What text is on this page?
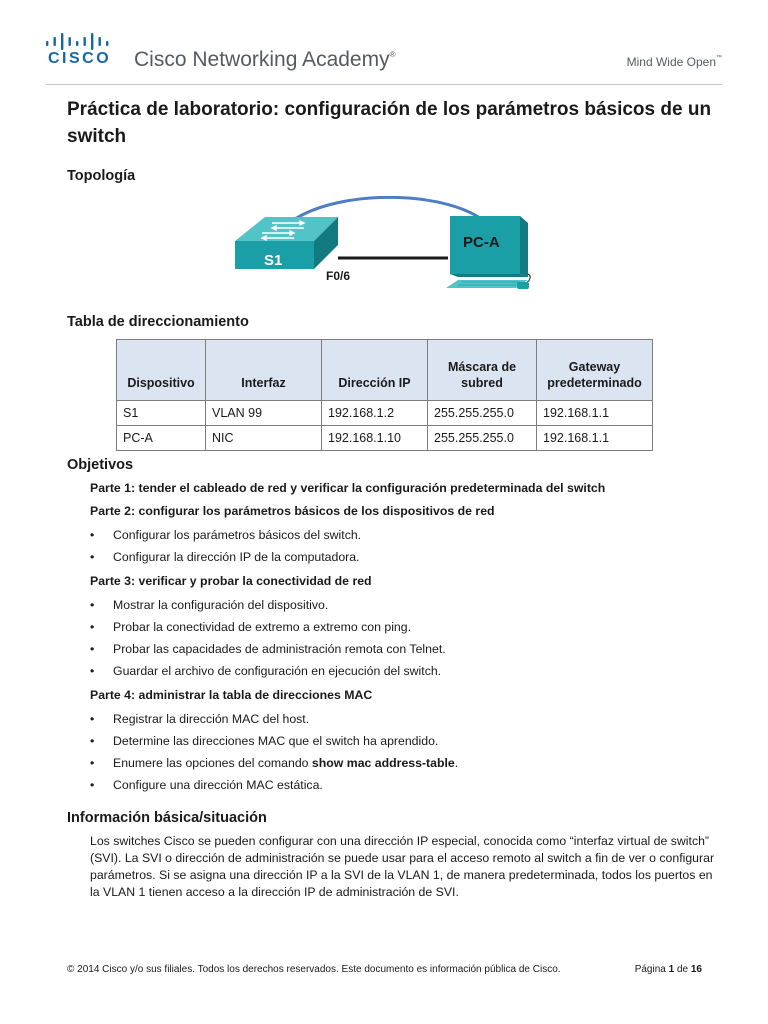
CISCO Cisco Networking Academy®
Mind Wide Open™
Práctica de laboratorio: configuración de los parámetros básicos de un switch
Topología
S1
F0/6
PC-A
Tabla de direccionamiento
Dispositivo	Interfaz	Dirección IP	Máscara de subred	Gateway predeterminado
S1	VLAN 99	192.168.1.2	255.255.255.0	192.168.1.1
PC-A	NIC	192.168.1.10	255.255.255.0	192.168.1.1
Objetivos
Parte 1: tender el cableado de red y verificar la configuración predeterminada del switch
Parte 2: configurar los parámetros básicos de los dispositivos de red
• Configurar los parámetros básicos del switch.
• Configurar la dirección IP de la computadora.
Parte 3: verificar y probar la conectividad de red
• Mostrar la configuración del dispositivo.
• Probar la conectividad de extremo a extremo con ping.
• Probar las capacidades de administración remota con Telnet.
• Guardar el archivo de configuración en ejecución del switch.
Parte 4: administrar la tabla de direcciones MAC
• Registrar la dirección MAC del host.
• Determine las direcciones MAC que el switch ha aprendido.
• Enumere las opciones del comando show mac address-table.
• Configure una dirección MAC estática.
Información básica/situación

Los switches Cisco se pueden configurar con una dirección IP especial, conocida como “interfaz virtual de switch” (SVI). La SVI o dirección de administración se puede usar para el acceso remoto al switch a fin de ver o configurar parámetros. Si se asigna una dirección IP a la SVI de la VLAN 1, de manera predeterminada, todos los puertos en la VLAN 1 tienen acceso a la dirección IP de administración de SVI.

© 2014 Cisco y/o sus filiales. Todos los derechos reservados. Este documento es información pública de Cisco.	Página 1 de 16
